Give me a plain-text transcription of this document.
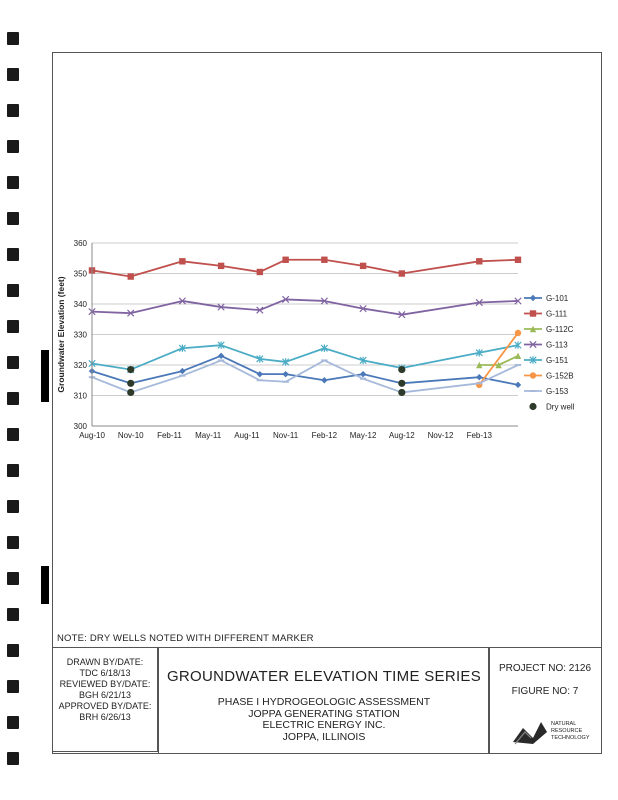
300
310
320
330
340
350
360
Aug-10 Nov-10 Feb-11 May-11 Aug-11 Nov-11 Feb-12 May-12 Aug-12 Nov-12 Feb-13
Groundwater Elevation (feet)	G-101
G-111
G-112C
G-113
G-151
G-152B
G-153
Dry well
NOTE: DRY WELLS NOTED WITH DIFFERENT MARKER
DRAWN BY/DATE:
TDC 6/18/13
REVIEWED BY/DATE:
BGH 6/21/13
APPROVED BY/DATE:
BRH 6/26/13
GROUNDWATER ELEVATION TIME SERIES
PHASE I HYDROGEOLOGIC ASSESSMENT
JOPPA GENERATING STATION
ELECTRIC ENERGY INC.
JOPPA, ILLINOIS
PROJECT NO: 2126
FIGURE NO: 7
NATURAL
RESOURCE
TECHNOLOGY
